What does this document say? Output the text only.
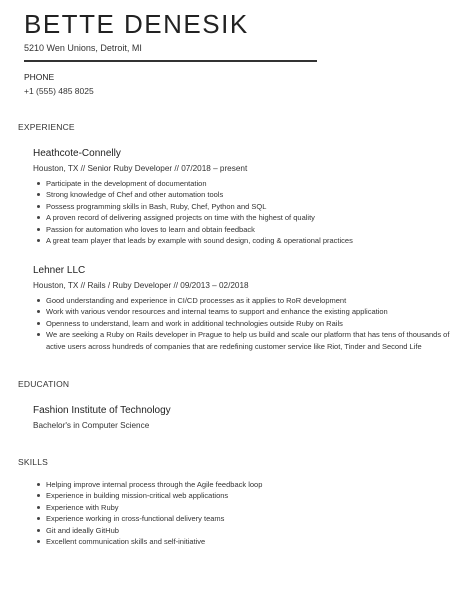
BETTE DENESIK
5210 Wen Unions, Detroit, MI
PHONE
+1 (555) 485 8025
EXPERIENCE
Heathcote-Connelly
Houston, TX // Senior Ruby Developer // 07/2018 – present
Participate in the development of documentation
Strong knowledge of Chef and other automation tools
Possess programming skills in Bash, Ruby, Chef, Python and SQL
A proven record of delivering assigned projects on time with the highest of quality
Passion for automation who loves to learn and obtain feedback
A great team player that leads by example with sound design, coding & operational practices
Lehner LLC
Houston, TX // Rails / Ruby Developer // 09/2013 – 02/2018
Good understanding and experience in CI/CD processes as it applies to RoR development
Work with various vendor resources and internal teams to support and enhance the existing application
Openness to understand, learn and work in additional technologies outside Ruby on Rails
We are seeking a Ruby on Rails developer in Prague to help us build and scale our platform that has tens of thousands of active users across hundreds of companies that are redefining customer service like Riot, Tinder and Second Life
EDUCATION
Fashion Institute of Technology
Bachelor's in Computer Science
SKILLS
Helping improve internal process through the Agile feedback loop
Experience in building mission-critical web applications
Experience with Ruby
Experience working in cross-functional delivery teams
Git and ideally GitHub
Excellent communication skills and self-initiative
